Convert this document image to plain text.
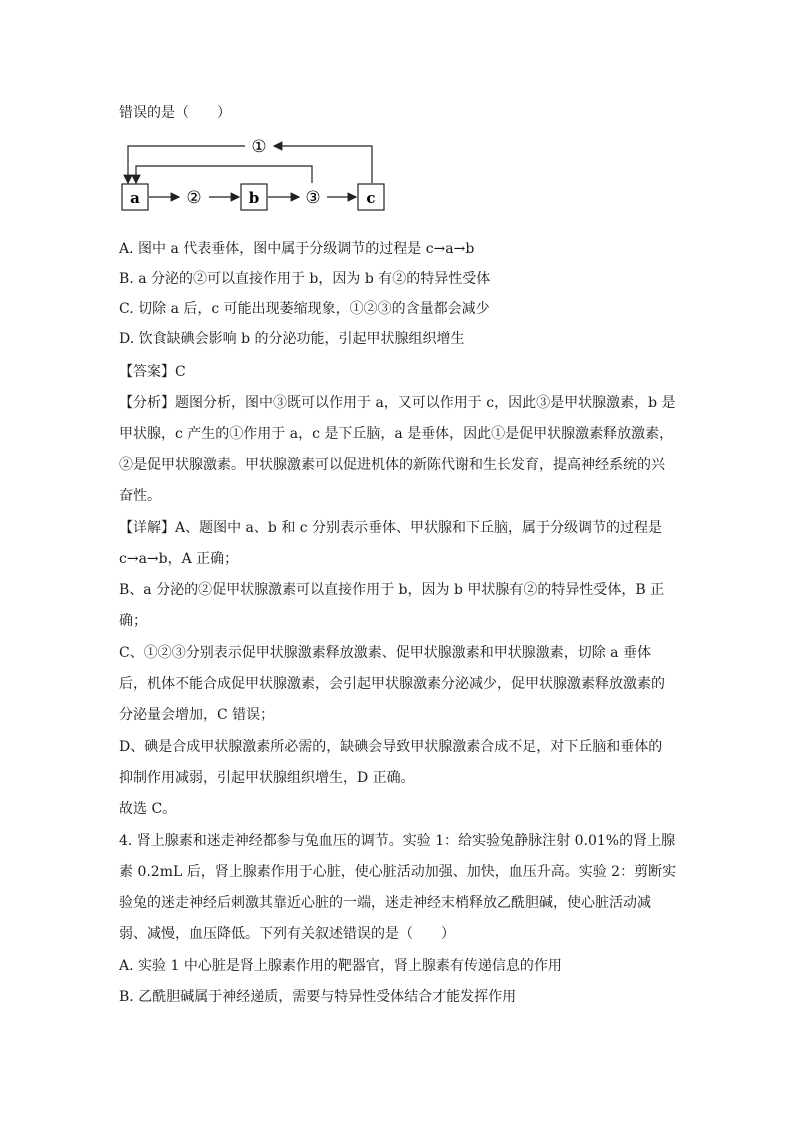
错误的是（　　）
①
a	b	c
②	③
A. 图中 a 代表垂体，图中属于分级调节的过程是 c→a→b
B. a 分泌的②可以直接作用于 b，因为 b 有②的特异性受体
C. 切除 a 后，c 可能出现萎缩现象，①②③的含量都会减少
D. 饮食缺碘会影响 b 的分泌功能，引起甲状腺组织增生
【答案】C
【分析】题图分析，图中③既可以作用于 a，又可以作用于 c，因此③是甲状腺激素，b 是
甲状腺，c 产生的①作用于 a，c 是下丘脑，a 是垂体，因此①是促甲状腺激素释放激素，
②是促甲状腺激素。甲状腺激素可以促进机体的新陈代谢和生长发育，提高神经系统的兴
奋性。
【详解】A、题图中 a、b 和 c 分别表示垂体、甲状腺和下丘脑，属于分级调节的过程是
c→a→b，A 正确；
B、a 分泌的②促甲状腺激素可以直接作用于 b，因为 b 甲状腺有②的特异性受体，B 正
确；
C、①②③分别表示促甲状腺激素释放激素、促甲状腺激素和甲状腺激素，切除 a 垂体
后，机体不能合成促甲状腺激素，会引起甲状腺激素分泌减少，促甲状腺激素释放激素的
分泌量会增加，C 错误；
D、碘是合成甲状腺激素所必需的，缺碘会导致甲状腺激素合成不足，对下丘脑和垂体的
抑制作用减弱，引起甲状腺组织增生，D 正确。
故选 C。
4. 肾上腺素和迷走神经都参与兔血压的调节。实验 1：给实验兔静脉注射 0.01%的肾上腺
素 0.2mL 后，肾上腺素作用于心脏，使心脏活动加强、加快，血压升高。实验 2：剪断实
验兔的迷走神经后刺激其靠近心脏的一端，迷走神经末梢释放乙酰胆碱，使心脏活动减
弱、减慢，血压降低。下列有关叙述错误的是（　　）
A. 实验 1 中心脏是肾上腺素作用的靶器官，肾上腺素有传递信息的作用
B. 乙酰胆碱属于神经递质，需要与特异性受体结合才能发挥作用
